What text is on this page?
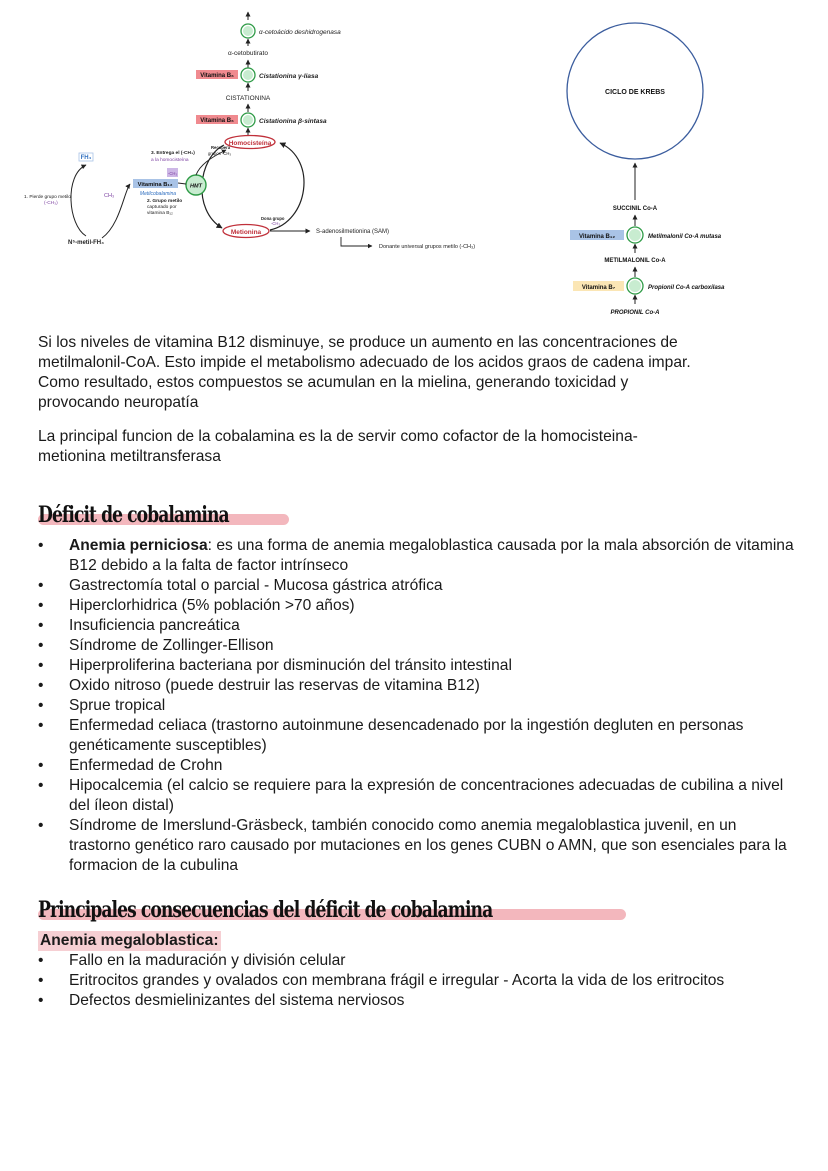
α-cetoácido deshidrogenasa
α-cetobutirato
Vitamina B₆	Cistationina γ-liasa
CISTATIONINA
Vitamina B₆	Cistationina β-sintasa
Homocisteína
Metionina
Dona grupo
-CH₃
S-adenosilmetionina (SAM)
Donante universal grupos metilo (-CH₃)
HMT
Vitamina B₁₂
-CH₃
Metilcobalamina
2. Grupo metilo
capturado por
vitamina B₁₂
3. Entrega el (-CH₃)
a la homocisteína
Recupera
grupos -CH₃
FH₄
N⁵-metil-FH₄
CH₃
1. Pierde grupo metilo
(-CH₃)
CICLO DE KREBS
SUCCINIL Co-A
Vitamina B₁₂	Metilmalonil Co-A mutasa
METILMALONIL Co-A
Vitamina B₇	Propionil Co-A carboxilasa
PROPIONIL Co-A

Si los niveles de vitamina B12 disminuye, se produce un aumento en las concentraciones de
metilmalonil-CoA. Esto impide el metabolismo adecuado de los acidos graos de cadena impar.
Como resultado, estos compuestos se acumulan en la mielina, generando toxicidad y
provocando neuropatía

La principal funcion de la cobalamina es la de servir como cofactor de la homocisteina-
metionina metiltransferasa

Déficit de cobalamina
• Anemia perniciosa: es una forma de anemia megaloblastica causada por la mala absorción de vitamina B12 debido a la falta de factor intrínseco
• Gastrectomía total o parcial - Mucosa gástrica atrófica
• Hiperclorhidrica (5% población >70 años)
• Insuficiencia pancreática
• Síndrome de Zollinger-Ellison
• Hiperproliferina bacteriana por disminución del tránsito intestinal
• Oxido nitroso (puede destruir las reservas de vitamina B12)
• Sprue tropical
• Enfermedad celiaca (trastorno autoinmune desencadenado por la ingestión degluten en personas genéticamente susceptibles)
• Enfermedad de Crohn
• Hipocalcemia (el calcio se requiere para la expresión de concentraciones adecuadas de cubilina a nivel del íleon distal)
• Síndrome de Imerslund-Gräsbeck, también conocido como anemia megaloblastica juvenil, en un trastorno genético raro causado por mutaciones en los genes CUBN o AMN, que son esenciales para la formacion de la cubulina
Principales consecuencias del déficit de cobalamina
Anemia megaloblastica:
• Fallo en la maduración y división celular
• Eritrocitos grandes y ovalados con membrana frágil e irregular - Acorta la vida de los eritrocitos
• Defectos desmielinizantes del sistema nerviosos
